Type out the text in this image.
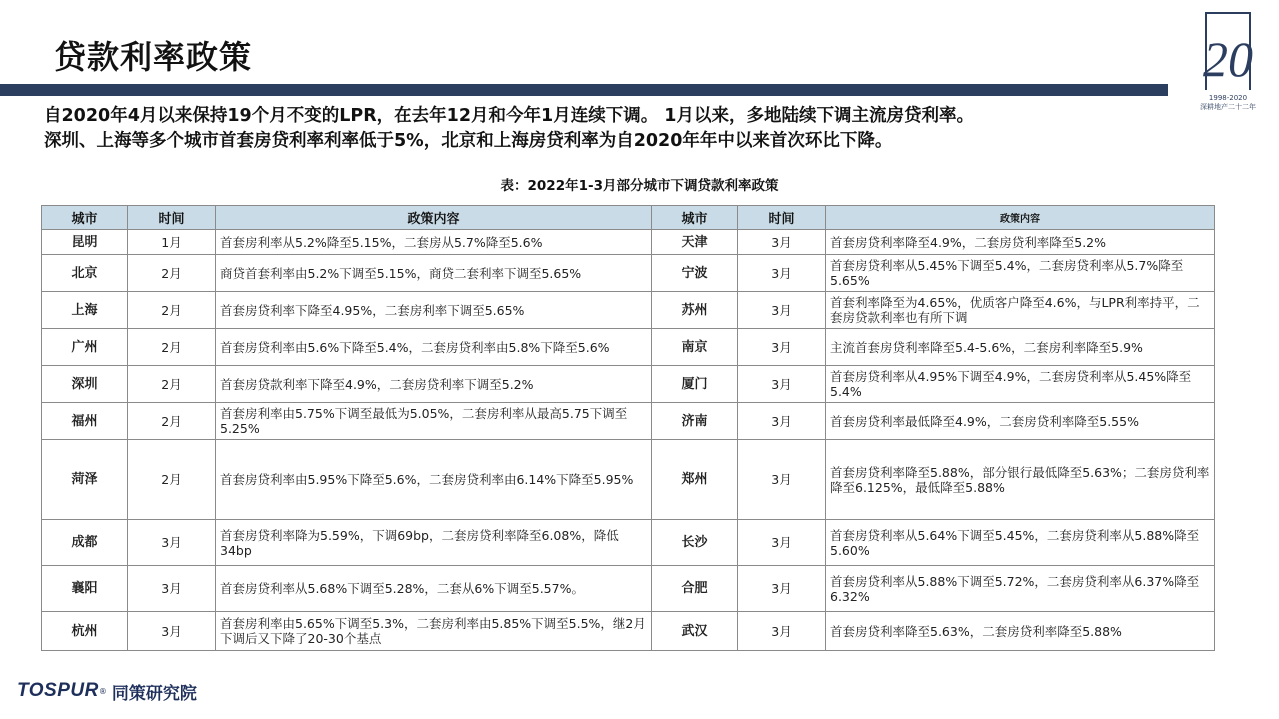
贷款利率政策	20
1998-2020
深耕地产二十二年

自2020年4月以来保持19个月不变的LPR，在去年12月和今年1月连续下调。 1月以来，多地陆续下调主流房贷利率。

深圳、上海等多个城市首套房贷利率利率低于5%，北京和上海房贷利率为自2020年年中以来首次环比下降。

表：2022年1-3月部分城市下调贷款利率政策
城市	时间	政策内容	城市	时间	政策内容
昆明	1月	首套房利率从5.2%降至5.15%，二套房从5.7%降至5.6%	天津	3月	首套房贷利率降至4.9%，二套房贷利率降至5.2%
北京	2月	商贷首套利率由5.2%下调至5.15%，商贷二套利率下调至5.65%	宁波	3月	首套房贷利率从5.45%下调至5.4%，二套房贷利率从5.7%降至5.65%
上海	2月	首套房贷利率下降至4.95%，二套房利率下调至5.65%	苏州	3月	首套利率降至为4.65%，优质客户降至4.6%，与LPR利率持平，二套房贷款利率也有所下调
广州	2月	首套房贷利率由5.6%下降至5.4%，二套房贷利率由5.8%下降至5.6%	南京	3月	主流首套房贷利率降至5.4-5.6%，二套房利率降至5.9%
深圳	2月	首套房贷款利率下降至4.9%，二套房贷利率下调至5.2%	厦门	3月	首套房贷利率从4.95%下调至4.9%，二套房贷利率从5.45%降至5.4%
福州	2月	首套房利率由5.75%下调至最低为5.05%，二套房利率从最高5.75下调至5.25%	济南	3月	首套房贷利率最低降至4.9%，二套房贷利率降至5.55%
菏泽	2月	首套房贷利率由5.95%下降至5.6%，二套房贷利率由6.14%下降至5.95%	郑州	3月	首套房贷利率降至5.88%，部分银行最低降至5.63%；二套房贷利率降至6.125%，最低降至5.88%
成都	3月	首套房贷利率降为5.59%，下调69bp，二套房贷利率降至6.08%，降低34bp	长沙	3月	首套房贷利率从5.64%下调至5.45%，二套房贷利率从5.88%降至5.60%
襄阳	3月	首套房贷利率从5.68%下调至5.28%，二套从6%下调至5.57%。	合肥	3月	首套房贷利率从5.88%下调至5.72%，二套房贷利率从6.37%降至6.32%
杭州	3月	首套房利率由5.65%下调至5.3%，二套房利率由5.85%下调至5.5%，继2月下调后又下降了20-30个基点	武汉	3月	首套房贷利率降至5.63%，二套房贷利率降至5.88%
TOSPUR ® 同策研究院
